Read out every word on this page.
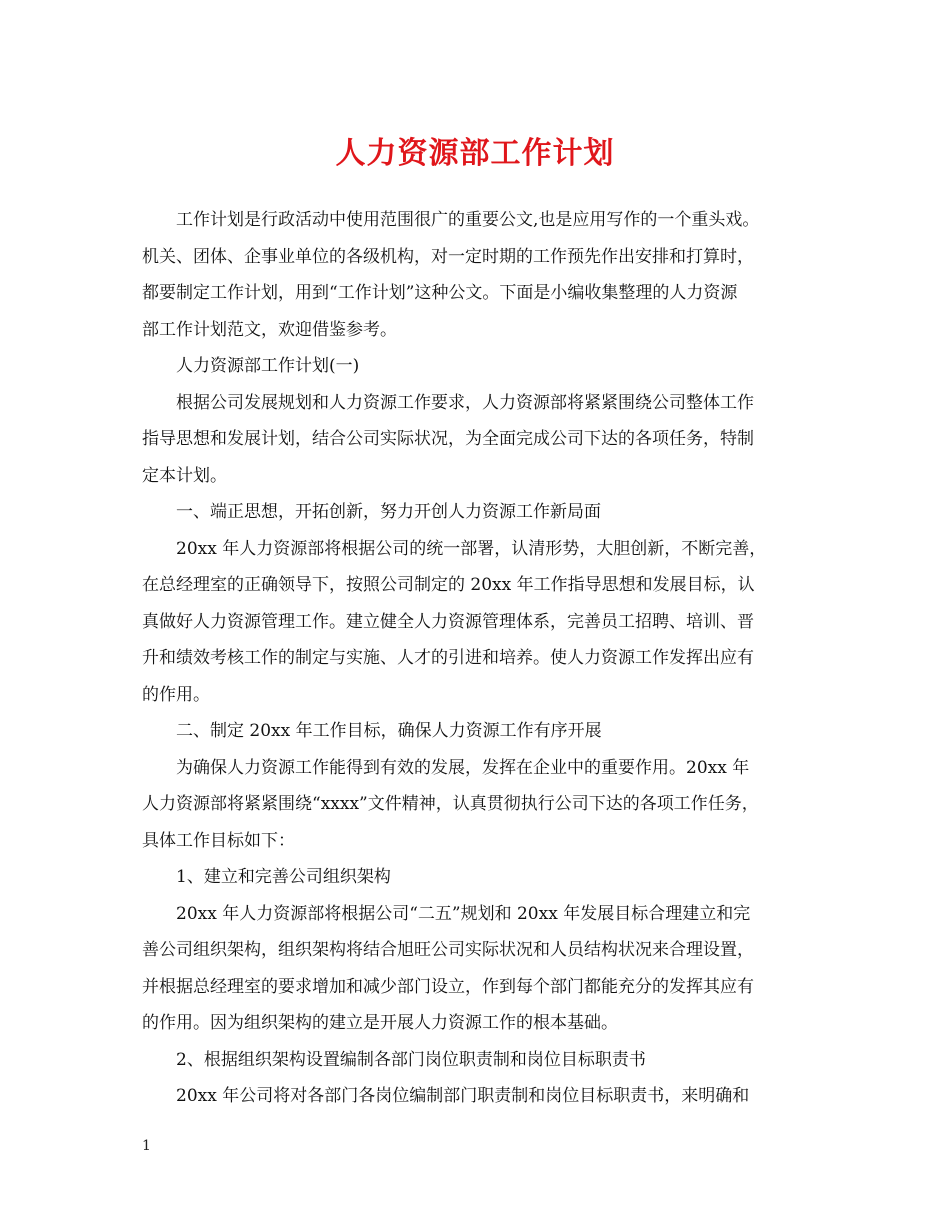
人力资源部工作计划
工作计划是行政活动中使用范围很广的重要公文,也是应用写作的一个重头戏。
机关、团体、企事业单位的各级机构，对一定时期的工作预先作出安排和打算时，
都要制定工作计划，用到“工作计划”这种公文。下面是小编收集整理的人力资源
部工作计划范文，欢迎借鉴参考。
人力资源部工作计划(一)
根据公司发展规划和人力资源工作要求，人力资源部将紧紧围绕公司整体工作
指导思想和发展计划，结合公司实际状况，为全面完成公司下达的各项任务，特制
定本计划。
一、端正思想，开拓创新，努力开创人力资源工作新局面
20xx 年人力资源部将根据公司的统一部署，认清形势，大胆创新，不断完善，
在总经理室的正确领导下，按照公司制定的 20xx 年工作指导思想和发展目标，认
真做好人力资源管理工作。建立健全人力资源管理体系，完善员工招聘、培训、晋
升和绩效考核工作的制定与实施、人才的引进和培养。使人力资源工作发挥出应有
的作用。
二、制定 20xx 年工作目标，确保人力资源工作有序开展
为确保人力资源工作能得到有效的发展，发挥在企业中的重要作用。20xx 年
人力资源部将紧紧围绕“xxxx”文件精神，认真贯彻执行公司下达的各项工作任务，
具体工作目标如下：
1、建立和完善公司组织架构
20xx 年人力资源部将根据公司“二五”规划和 20xx 年发展目标合理建立和完
善公司组织架构，组织架构将结合旭旺公司实际状况和人员结构状况来合理设置，
并根据总经理室的要求增加和减少部门设立，作到每个部门都能充分的发挥其应有
的作用。因为组织架构的建立是开展人力资源工作的根本基础。
2、根据组织架构设置编制各部门岗位职责制和岗位目标职责书
20xx 年公司将对各部门各岗位编制部门职责制和岗位目标职责书，来明确和
1
